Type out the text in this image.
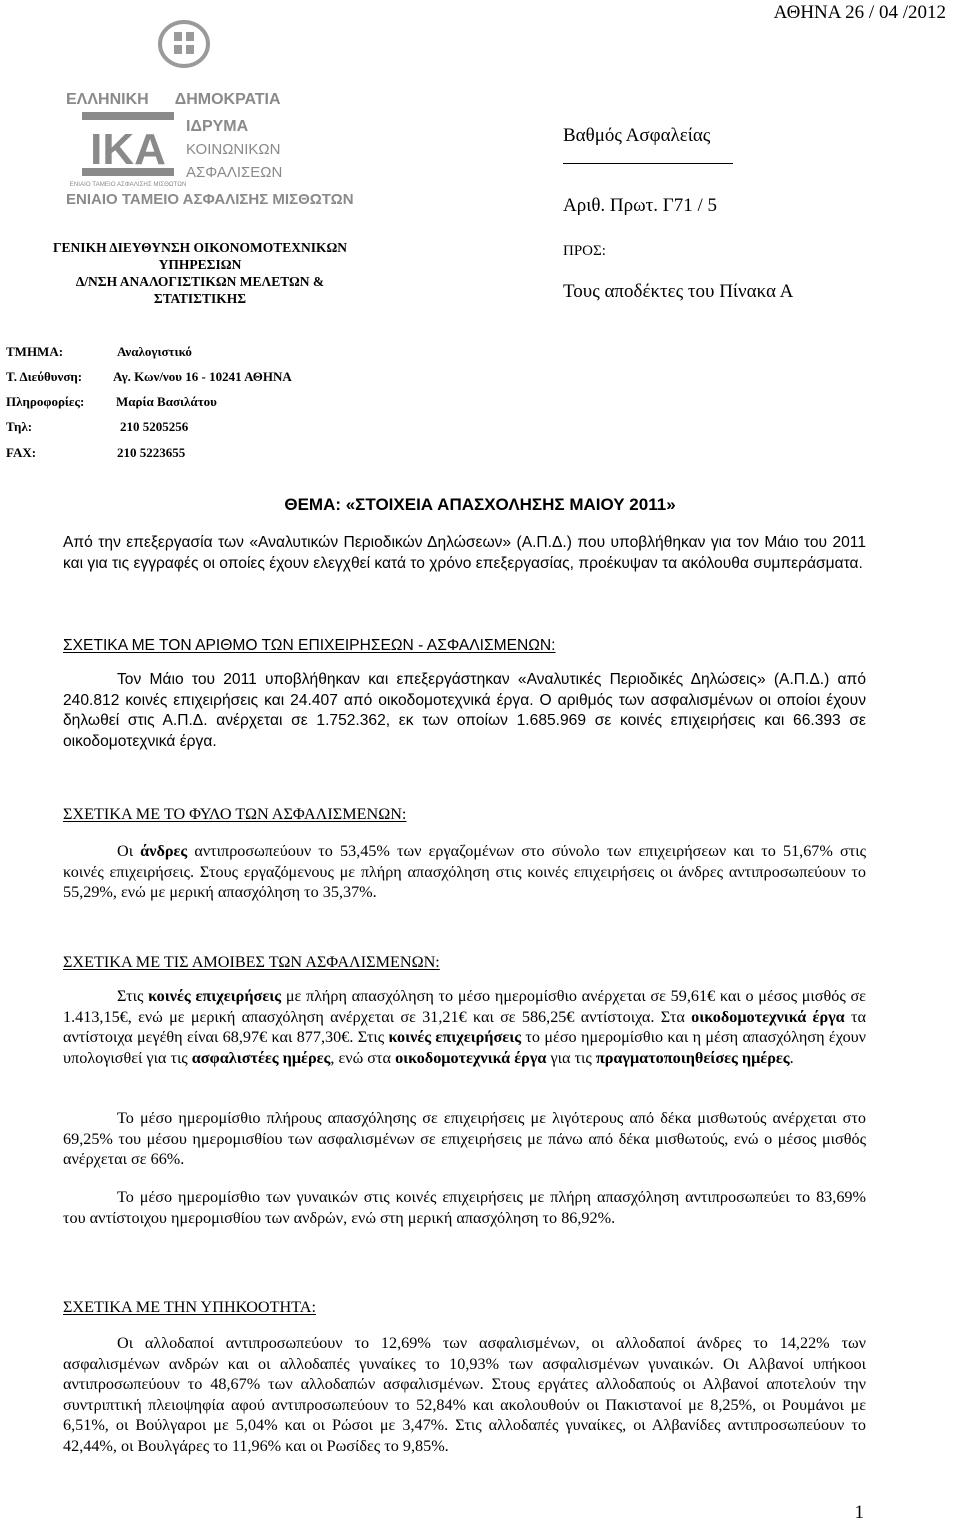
ΑΘΗΝΑ 26 / 04 /2012
ΕΛΛΗΝΙΚΗ ΔΗΜΟΚΡΑΤΙΑ
ΙΔΡΥΜΑ
ΚΟΙΝΩΝΙΚΩΝ
ΑΣΦΑΛΙΣΕΩΝ
ΙΚΑ
ΕΝΙΑΙΟ ΤΑΜΕΙΟ ΑΣΦΑΛΙΣΗΣ ΜΙΣΘΩΤΩΝ
ΕΝΙΑΙΟ ΤΑΜΕΙΟ ΑΣΦΑΛΙΣΗΣ ΜΙΣΘΩΤΩΝ
ΓΕΝΙΚΗ ΔΙΕΥΘΥΝΣΗ ΟΙΚΟΝΟΜΟΤΕΧΝΙΚΩΝ
ΥΠΗΡΕΣΙΩΝ
Δ/ΝΣΗ ΑΝΑΛΟΓΙΣΤΙΚΩΝ ΜΕΛΕΤΩΝ &
ΣΤΑΤΙΣΤΙΚΗΣ
Βαθμός Ασφαλείας
Αριθ. Πρωτ. Γ71 / 5
ΠΡΟΣ:
Τους αποδέκτες του Πίνακα Α
ΤΜΗΜΑ:	Αναλογιστικό
Τ. Διεύθυνση: Αγ. Κων/νου 16 - 10241 ΑΘΗΝΑ
Πληροφορίες: Μαρία Βασιλάτου
Τηλ:	210 5205256
FAX:	210 5223655
ΘΕΜΑ: «ΣΤΟΙΧΕΙΑ ΑΠΑΣΧΟΛΗΣΗΣ ΜΑΙΟΥ 2011»
Από την επεξεργασία των «Αναλυτικών Περιοδικών Δηλώσεων» (Α.Π.Δ.) που υποβλήθηκαν για τον Μάιο του 2011 και για τις εγγραφές οι οποίες έχουν ελεγχθεί κατά το χρόνο επεξεργασίας, προέκυψαν τα ακόλουθα συμπεράσματα.
ΣΧΕΤΙΚΑ ΜΕ ΤΟΝ ΑΡΙΘΜΟ ΤΩΝ ΕΠΙΧΕΙΡΗΣΕΩΝ - ΑΣΦΑΛΙΣΜΕΝΩΝ:
Τον Μάιο του 2011 υποβλήθηκαν και επεξεργάστηκαν «Αναλυτικές Περιοδικές Δηλώσεις» (Α.Π.Δ.) από 240.812 κοινές επιχειρήσεις και 24.407 από οικοδομοτεχνικά έργα. Ο αριθμός των ασφαλισμένων οι οποίοι έχουν δηλωθεί στις Α.Π.Δ. ανέρχεται σε 1.752.362, εκ των οποίων 1.685.969 σε κοινές επιχειρήσεις και 66.393 σε οικοδομοτεχνικά έργα.
ΣΧΕΤΙΚΑ ΜΕ ΤΟ ΦΥΛΟ ΤΩΝ ΑΣΦΑΛΙΣΜΕΝΩΝ:
Οι άνδρες αντιπροσωπεύουν το 53,45% των εργαζομένων στο σύνολο των επιχειρήσεων και το 51,67% στις κοινές επιχειρήσεις. Στους εργαζόμενους με πλήρη απασχόληση στις κοινές επιχειρήσεις οι άνδρες αντιπροσωπεύουν το 55,29%, ενώ με μερική απασχόληση το 35,37%.
ΣΧΕΤΙΚΑ ΜΕ ΤΙΣ ΑΜΟΙΒΕΣ ΤΩΝ ΑΣΦΑΛΙΣΜΕΝΩΝ:
Στις κοινές επιχειρήσεις με πλήρη απασχόληση το μέσο ημερομίσθιο ανέρχεται σε 59,61€ και ο μέσος μισθός σε 1.413,15€, ενώ με μερική απασχόληση ανέρχεται σε 31,21€ και σε 586,25€ αντίστοιχα. Στα οικοδομοτεχνικά έργα τα αντίστοιχα μεγέθη είναι 68,97€ και 877,30€. Στις κοινές επιχειρήσεις το μέσο ημερομίσθιο και η μέση απασχόληση έχουν υπολογισθεί για τις ασφαλιστέες ημέρες, ενώ στα οικοδομοτεχνικά έργα για τις πραγματοποιηθείσες ημέρες.
Το μέσο ημερομίσθιο πλήρους απασχόλησης σε επιχειρήσεις με λιγότερους από δέκα μισθωτούς ανέρχεται στο 69,25% του μέσου ημερομισθίου των ασφαλισμένων σε επιχειρήσεις με πάνω από δέκα μισθωτούς, ενώ ο μέσος μισθός ανέρχεται σε 66%.
Το μέσο ημερομίσθιο των γυναικών στις κοινές επιχειρήσεις με πλήρη απασχόληση αντιπροσωπεύει το 83,69% του αντίστοιχου ημερομισθίου των ανδρών, ενώ στη μερική απασχόληση το 86,92%.
ΣΧΕΤΙΚΑ ΜΕ ΤΗΝ ΥΠΗΚΟΟΤΗΤΑ:
Οι αλλοδαποί αντιπροσωπεύουν το 12,69% των ασφαλισμένων, οι αλλοδαποί άνδρες το 14,22% των ασφαλισμένων ανδρών και οι αλλοδαπές γυναίκες το 10,93% των ασφαλισμένων γυναικών. Οι Αλβανοί υπήκοοι αντιπροσωπεύουν το 48,67% των αλλοδαπών ασφαλισμένων. Στους εργάτες αλλοδαπούς οι Αλβανοί αποτελούν την συντριπτική πλειοψηφία αφού αντιπροσωπεύουν το 52,84% και ακολουθούν οι Πακιστανοί με 8,25%, οι Ρουμάνοι με 6,51%, οι Βούλγαροι με 5,04% και οι Ρώσοι με 3,47%. Στις αλλοδαπές γυναίκες, οι Αλβανίδες αντιπροσωπεύουν το 42,44%, οι Βουλγάρες το 11,96% και οι Ρωσίδες το 9,85%.
1
